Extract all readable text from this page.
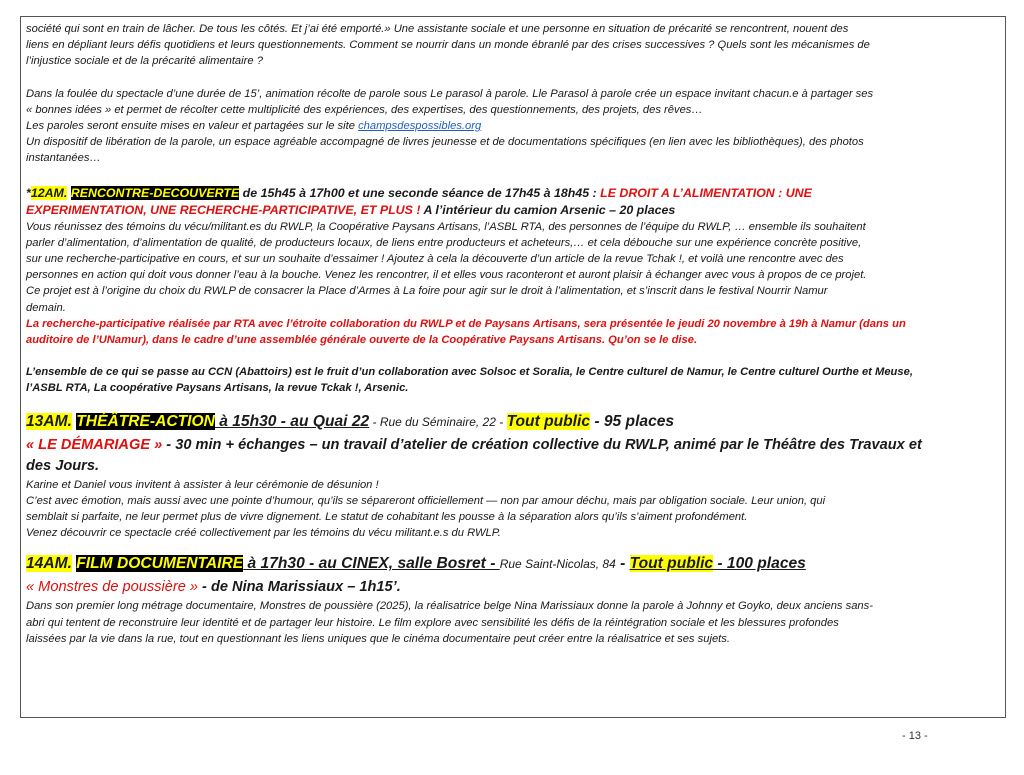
société qui sont en train de lâcher. De tous les côtés. Et j’ai été emporté.» Une assistante sociale et une personne en situation de précarité se rencontrent, nouent des

liens en dépliant leurs défis quotidiens et leurs questionnements. Comment se nourrir dans un monde ébranlé par des crises successives ? Quels sont les mécanismes de

l’injustice sociale et de la précarité alimentaire ?

Dans la foulée du spectacle d’une durée de 15’, animation récolte de parole sous Le parasol à parole. Lle Parasol à parole crée un espace invitant chacun.e à partager ses

« bonnes idées » et permet de récolter cette multiplicité des expériences, des expertises, des questionnements, des projets, des rêves…

Les paroles seront ensuite mises en valeur et partagées sur le site champsdespossibles.org

Un dispositif de libération de la parole, un espace agréable accompagné de livres jeunesse et de documentations spécifiques (en lien avec les bibliothèques), des photos

instantanées…

*12AM. RENCONTRE-DECOUVERTE de 15h45 à 17h00 et une seconde séance de 17h45 à 18h45 : LE DROIT A L’ALIMENTATION : UNE

EXPERIMENTATION, UNE RECHERCHE-PARTICIPATIVE, ET PLUS ! A l’intérieur du camion Arsenic – 20 places

Vous réunissez des témoins du vécu/militant.es du RWLP, la Coopérative Paysans Artisans, l’ASBL RTA, des personnes de l’équipe du RWLP, … ensemble ils souhaitent

parler d’alimentation, d’alimentation de qualité, de producteurs locaux, de liens entre producteurs et acheteurs,… et cela débouche sur une expérience concrète positive,

sur une recherche-participative en cours, et sur un souhaite d’essaimer ! Ajoutez à cela la découverte d’un article de la revue Tchak !, et voilà une rencontre avec des

personnes en action qui doit vous donner l’eau à la bouche. Venez les rencontrer, il et elles vous raconteront et auront plaisir à échanger avec vous à propos de ce projet.

Ce projet est à l’origine du choix du RWLP de consacrer la Place d’Armes à La foire pour agir sur le droit à l’alimentation, et s’inscrit dans le festival Nourrir Namur

demain.

La recherche-participative réalisée par RTA avec l’étroite collaboration du RWLP et de Paysans Artisans, sera présentée le jeudi 20 novembre à 19h à Namur (dans un

auditoire de l’UNamur), dans le cadre d’une assemblée générale ouverte de la Coopérative Paysans Artisans. Qu’on se le dise.

L’ensemble de ce qui se passe au CCN (Abattoirs) est le fruit d’un collaboration avec Solsoc et Soralia, le Centre culturel de Namur, le Centre culturel Ourthe et Meuse,

l’ASBL RTA, La coopérative Paysans Artisans, la revue Tckak !, Arsenic.

13AM. THÉÂTRE-ACTION à 15h30 - au Quai 22 - Rue du Séminaire, 22 - Tout public - 95 places

« LE DÉMARIAGE » - 30 min + échanges – un travail d’atelier de création collective du RWLP, animé par le Théâtre des Travaux et

des Jours.

Karine et Daniel vous invitent à assister à leur cérémonie de désunion !

C’est avec émotion, mais aussi avec une pointe d’humour, qu’ils se sépareront officiellement — non par amour déchu, mais par obligation sociale. Leur union, qui

semblait si parfaite, ne leur permet plus de vivre dignement. Le statut de cohabitant les pousse à la séparation alors qu’ils s’aiment profondément.

Venez découvrir ce spectacle créé collectivement par les témoins du vécu militant.e.s du RWLP.

14AM. FILM DOCUMENTAIRE à 17h30 - au CINEX, salle Bosret - Rue Saint-Nicolas, 84 - Tout public - 100 places

« Monstres de poussière » - de Nina Marissiaux – 1h15’.

Dans son premier long métrage documentaire, Monstres de poussière (2025), la réalisatrice belge Nina Marissiaux donne la parole à Johnny et Goyko, deux anciens sans-

abri qui tentent de reconstruire leur identité et de partager leur histoire. Le film explore avec sensibilité les défis de la réintégration sociale et les blessures profondes

laissées par la vie dans la rue, tout en questionnant les liens uniques que le cinéma documentaire peut créer entre la réalisatrice et ses sujets.

- 13 -
